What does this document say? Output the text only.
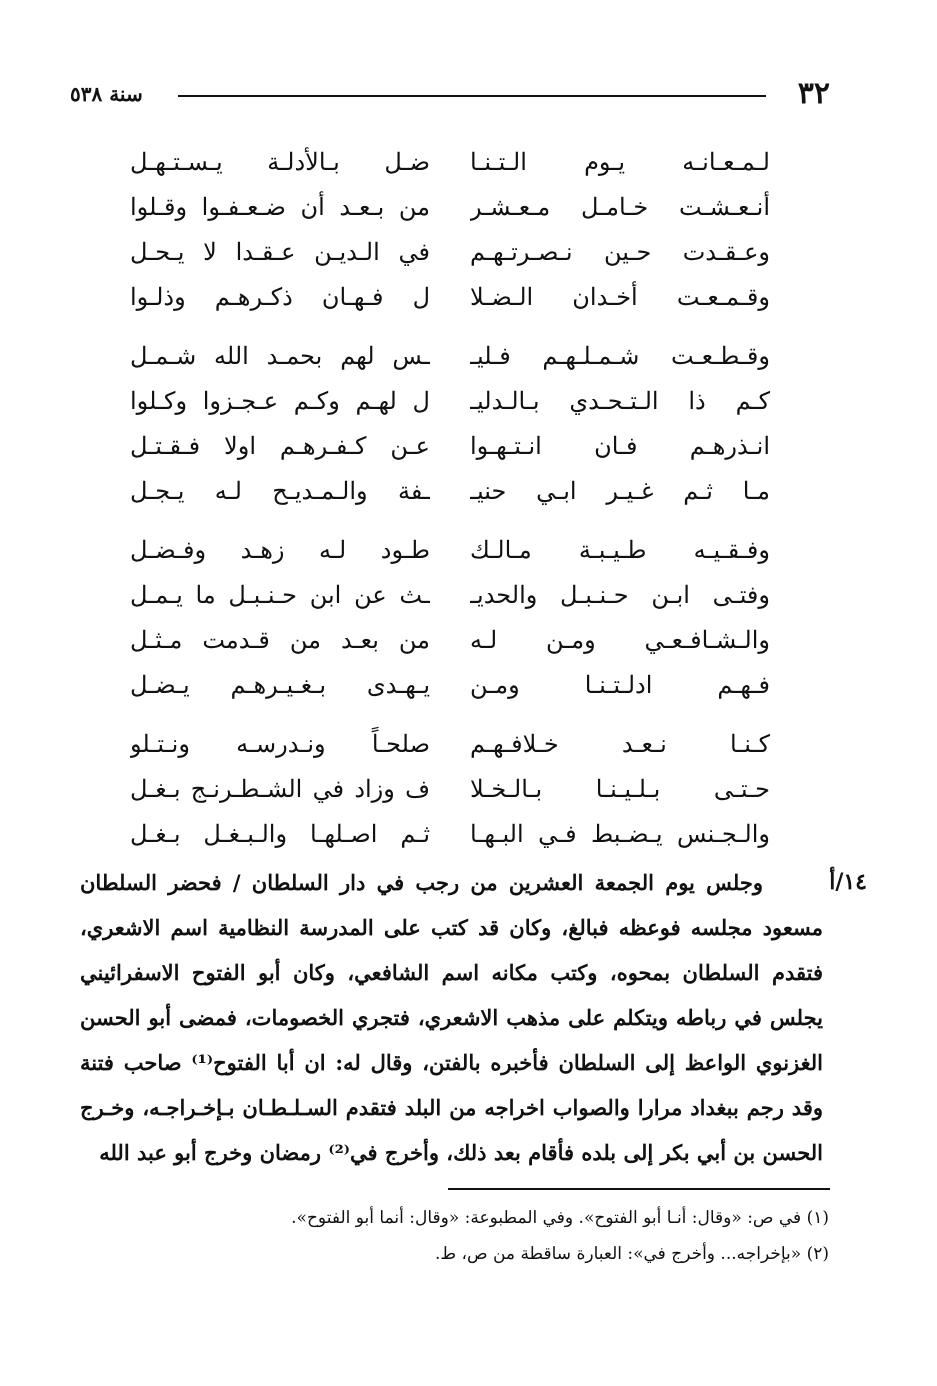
٣٢
سنة ٥٣٨
لـمـعـانـه يـوم الـتـنـا
ضـل بـالأدلـة يـسـتـهـل
أنـعـشـت خـامـل مـعـشـر
من بـعـد أن ضـعـفـوا وقـلوا
وعـقـدت حـين نـصـرتـهـم
في الـديـن عـقـدا لا يـحـل
وقـمـعـت أخـدان الـضـلا
ل فـهـان ذكـرهـم وذلـوا
وقـطـعـت شـمـلـهـم فـليـ
ـس لهم بحمـد الله شـمـل
كـم ذا الـتـحـدي بـالـدليـ
ل لهـم وكـم عـجـزوا وكـلوا
انـذرهـم فـان انـتـهـوا
عـن كـفـرهـم اولا فـقـتـل
مـا ثـم غـيـر ابـي حنيـ
ـفة والـمـديـح لـه يـجـل
وفـقـيـه طـيـبـة مـالـك
طـود لـه زهـد وفـضـل
وفتـى ابـن حـنـبـل والحديـ
ـث عن ابن حـنـبـل ما يـمـل
والـشـافـعـي ومـن لـه
من بعـد من قـدمت مـثـل
فـهـم ادلـتـنـا ومـن
يـهـدى بـغـيـرهـم يـضـل
كـنـا نـعـد خـلافـهـم
صلحـاً ونـدرسـه ونـتـلو
حـتـى بـلـيـنـا بـالـخـلا
ف وزاد في الشـطـرنـج بـغـل
والـجـنس يـضـبط فـي البـهـا
ثـم اصـلهـا والـبـغـل بـغـل
١٤/أ

وجلس يوم الجمعة العشرين من رجب في دار السلطان / فحضر السلطان مسعود مجلسه فوعظه فبالغ، وكان قد كتب على المدرسة النظامية اسم الاشعري، فتقدم السلطان بمحوه، وكتب مكانه اسم الشافعي، وكان أبو الفتوح الاسفرائيني يجلس في رباطه ويتكلم على مذهب الاشعري، فتجري الخصومات، فمضى أبو الحسن الغزنوي الواعظ إلى السلطان فأخبره بالفتن، وقال له: ان أبا الفتوح⁽¹⁾ صاحب فتنة وقد رجم ببغداد مرارا والصواب اخراجه من البلد فتقدم السـلـطـان بـإخـراجـه، وخـرج الحسن بن أبي بكر إلى بلده فأقام بعد ذلك، وأخرج في⁽²⁾ رمضان وخرج أبو عبد الله

(١) في ص: «وقال: أنـا أبو الفتوح». وفي المطبوعة: «وقال: أنما أبو الفتوح».
(٢) «بإخراجه... وأخرج في»: العبارة ساقطة من ص، ط.
